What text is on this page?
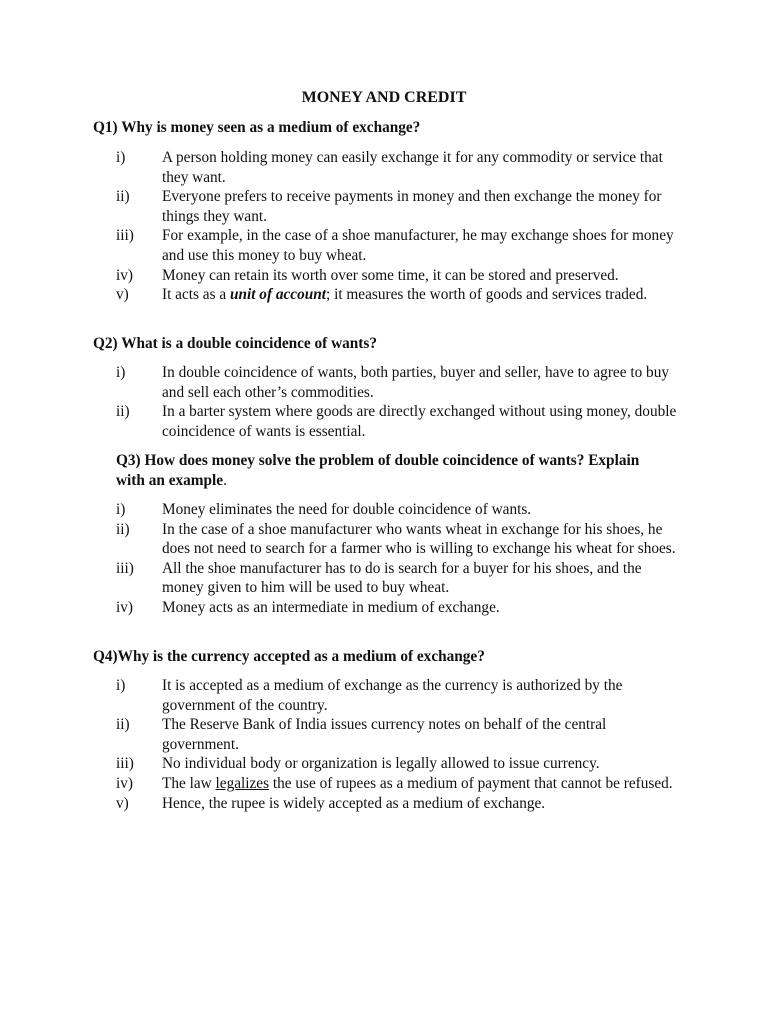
MONEY AND CREDIT
Q1) Why is money seen as a medium of exchange?
i)	A person holding money can easily exchange it for any commodity or service that they want.
ii)	Everyone prefers to receive payments in money and then exchange the money for things they want.
iii)	For example, in the case of a shoe manufacturer, he may exchange shoes for money and use this money to buy wheat.
iv)	Money can retain its worth over some time, it can be stored and preserved.
v)	It acts as a unit of account; it measures the worth of goods and services traded.
Q2) What is a double coincidence of wants?
i)	In double coincidence of wants, both parties, buyer and seller, have to agree to buy and sell each other’s commodities.
ii)	In a barter system where goods are directly exchanged without using money, double coincidence of wants is essential.
Q3) How does money solve the problem of double coincidence of wants? Explain with an example.
i)	Money eliminates the need for double coincidence of wants.
ii)	In the case of a shoe manufacturer who wants wheat in exchange for his shoes, he does not need to search for a farmer who is willing to exchange his wheat for shoes.
iii)	All the shoe manufacturer has to do is search for a buyer for his shoes, and the money given to him will be used to buy wheat.
iv)	Money acts as an intermediate in medium of exchange.
Q4)Why is the currency accepted as a medium of exchange?
i)	It is accepted as a medium of exchange as the currency is authorized by the government of the country.
ii)	The Reserve Bank of India issues currency notes on behalf of the central government.
iii)	No individual body or organization is legally allowed to issue currency.
iv)	The law legalizes the use of rupees as a medium of payment that cannot be refused.
v)	Hence, the rupee is widely accepted as a medium of exchange.
